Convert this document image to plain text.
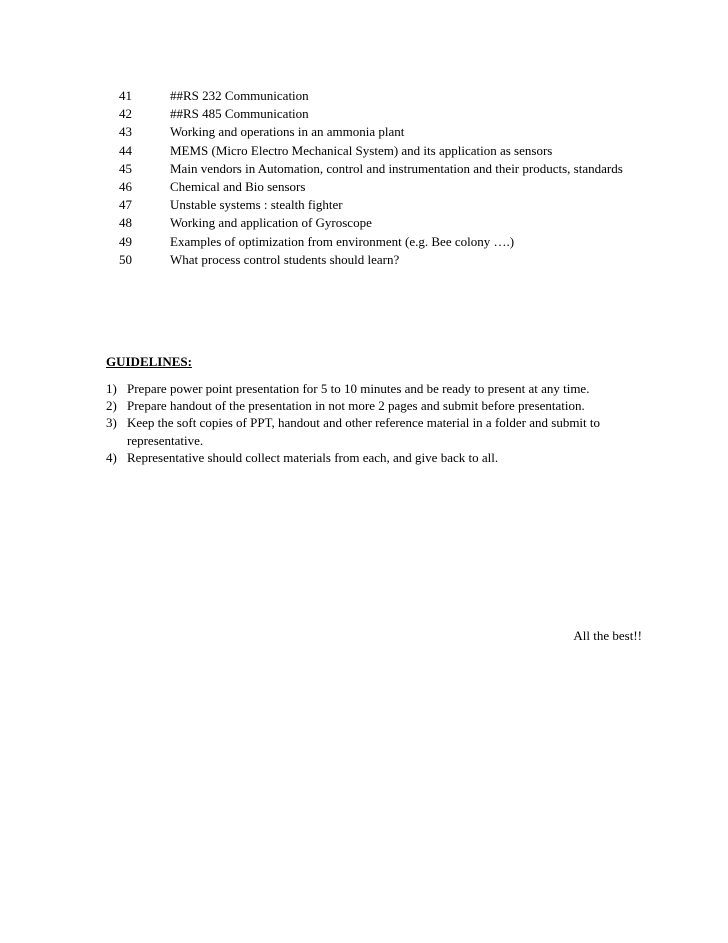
41	##RS 232 Communication
42	##RS 485 Communication
43	Working and operations in an ammonia plant
44	MEMS (Micro Electro Mechanical System) and its application as sensors
45	Main vendors in Automation, control and instrumentation and their products, standards
46	Chemical and Bio sensors
47	Unstable systems : stealth fighter
48	Working and application of Gyroscope
49	Examples of optimization from environment (e.g. Bee colony ….)
50	What process control students should learn?
GUIDELINES:
1) Prepare power point presentation for 5 to 10 minutes and be ready to present at any time.
2) Prepare handout of the presentation in not more 2 pages and submit before presentation.
3) Keep the soft copies of PPT, handout and other reference material in a folder and submit to representative.
4) Representative should collect materials from each, and give back to all.
All the best!!
